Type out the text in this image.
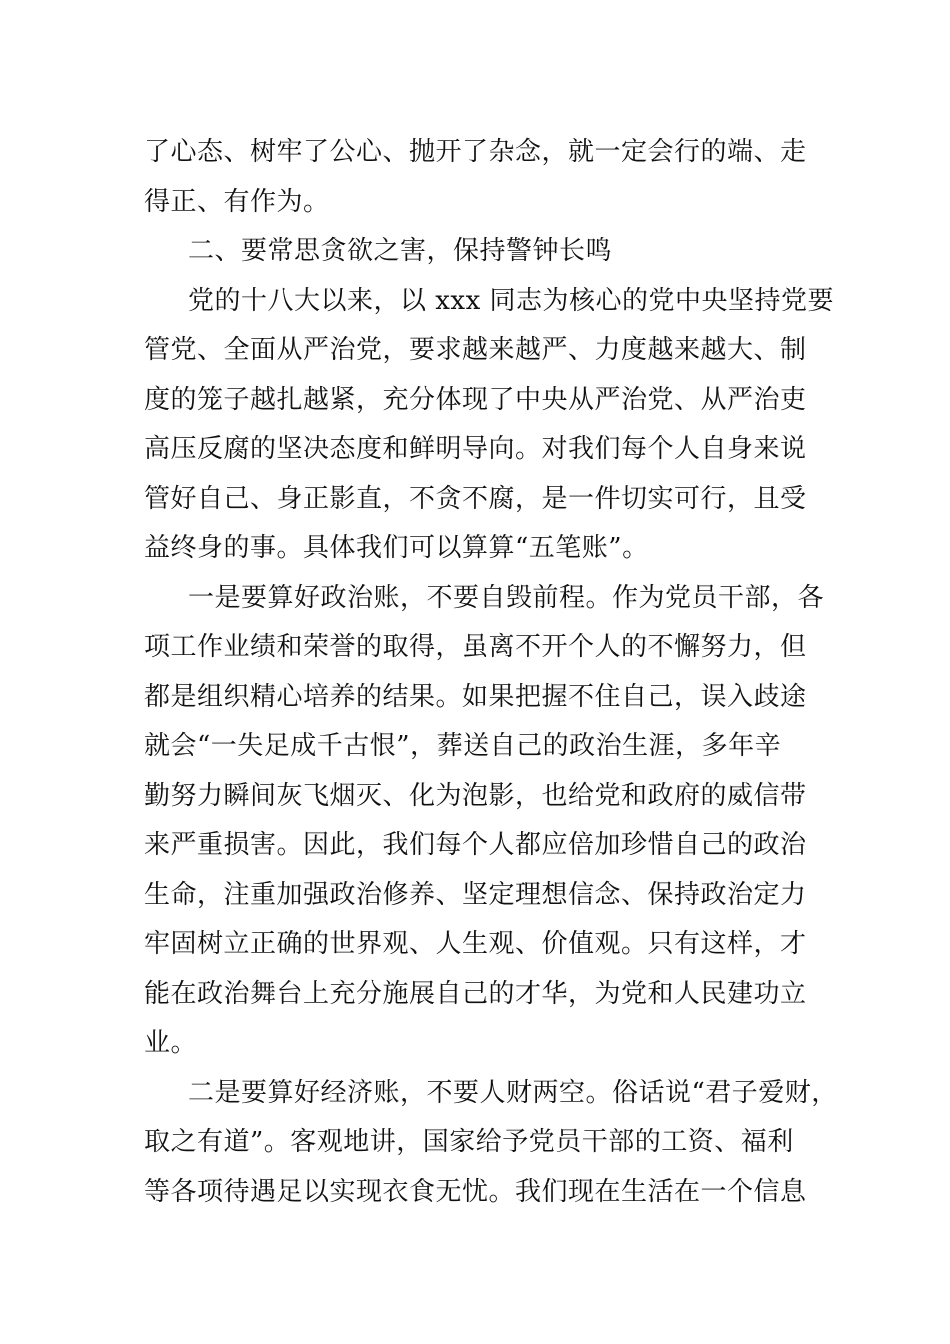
了心态、树牢了公心、抛开了杂念，就一定会行的端、走
得正、有作为。
二、要常思贪欲之害，保持警钟长鸣
党的十八大以来，以 xxx 同志为核心的党中央坚持党要
管党、全面从严治党，要求越来越严、力度越来越大、制
度的笼子越扎越紧，充分体现了中央从严治党、从严治吏
高压反腐的坚决态度和鲜明导向。对我们每个人自身来说
管好自己、身正影直，不贪不腐，是一件切实可行，且受
益终身的事。具体我们可以算算“五笔账”。
一是要算好政治账，不要自毁前程。作为党员干部，各
项工作业绩和荣誉的取得，虽离不开个人的不懈努力，但
都是组织精心培养的结果。如果把握不住自己，误入歧途
就会“一失足成千古恨”，葬送自己的政治生涯，多年辛
勤努力瞬间灰飞烟灭、化为泡影，也给党和政府的威信带
来严重损害。因此，我们每个人都应倍加珍惜自己的政治
生命，注重加强政治修养、坚定理想信念、保持政治定力
牢固树立正确的世界观、人生观、价值观。只有这样，才
能在政治舞台上充分施展自己的才华，为党和人民建功立
业。
二是要算好经济账，不要人财两空。俗话说“君子爱财，
取之有道”。客观地讲，国家给予党员干部的工资、福利
等各项待遇足以实现衣食无忧。我们现在生活在一个信息
